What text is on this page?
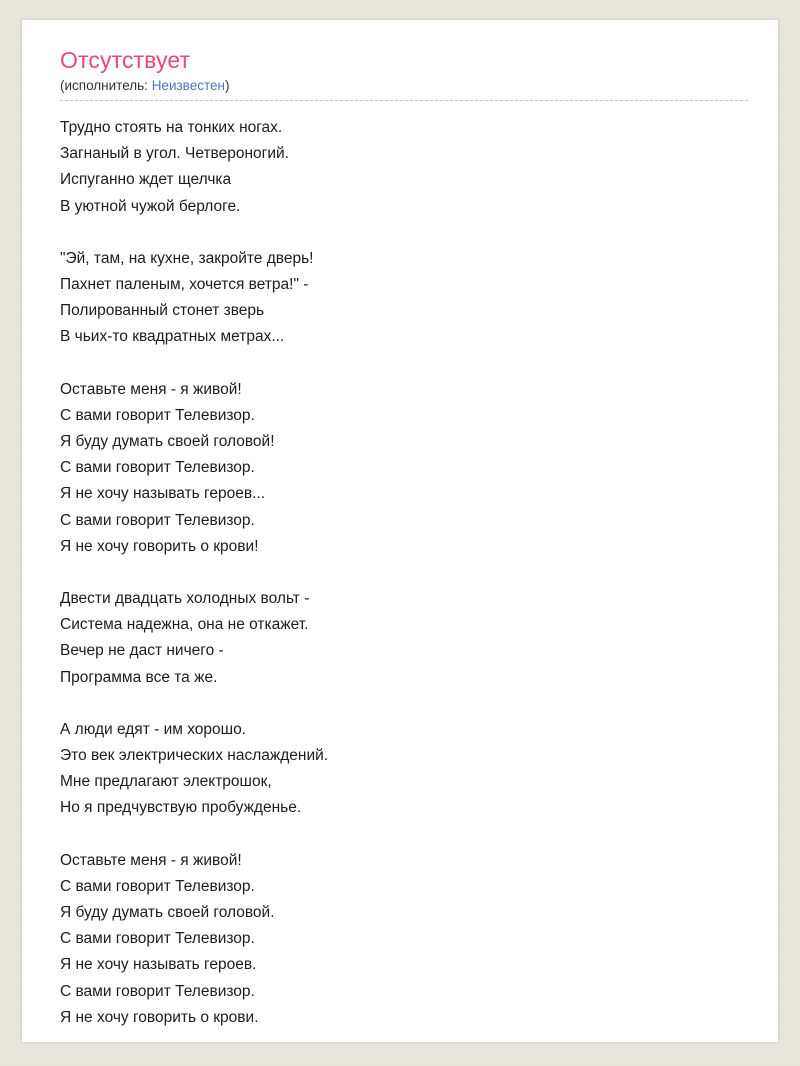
Отсутствует
(исполнитель: Неизвестен)

Трудно стоять на тонких ногах.
Загнаный в угол. Четвероногий.
Испуганно ждет щелчка
В уютной чужой берлоге.

"Эй, там, на кухне, закройте дверь!
Пахнет паленым, хочется ветра!" -
Полированный стонет зверь
В чьих-то квадратных метрах...

Оставьте меня - я живой!
С вами говорит Телевизор.
Я буду думать своей головой!
С вами говорит Телевизор.
Я не хочу называть героев...
С вами говорит Телевизор.
Я не хочу говорить о крови!

Двести двадцать холодных вольт -
Система надежна, она не откажет.
Вечер не даст ничего -
Программа все та же.

А люди едят - им хорошо.
Это век электрических наслаждений.
Мне предлагают электрошок,
Но я предчувствую пробужденье.

Оставьте меня - я живой!
С вами говорит Телевизор.
Я буду думать своей головой.
С вами говорит Телевизор.
Я не хочу называть героев.
С вами говорит Телевизор.
Я не хочу говорить о крови.
